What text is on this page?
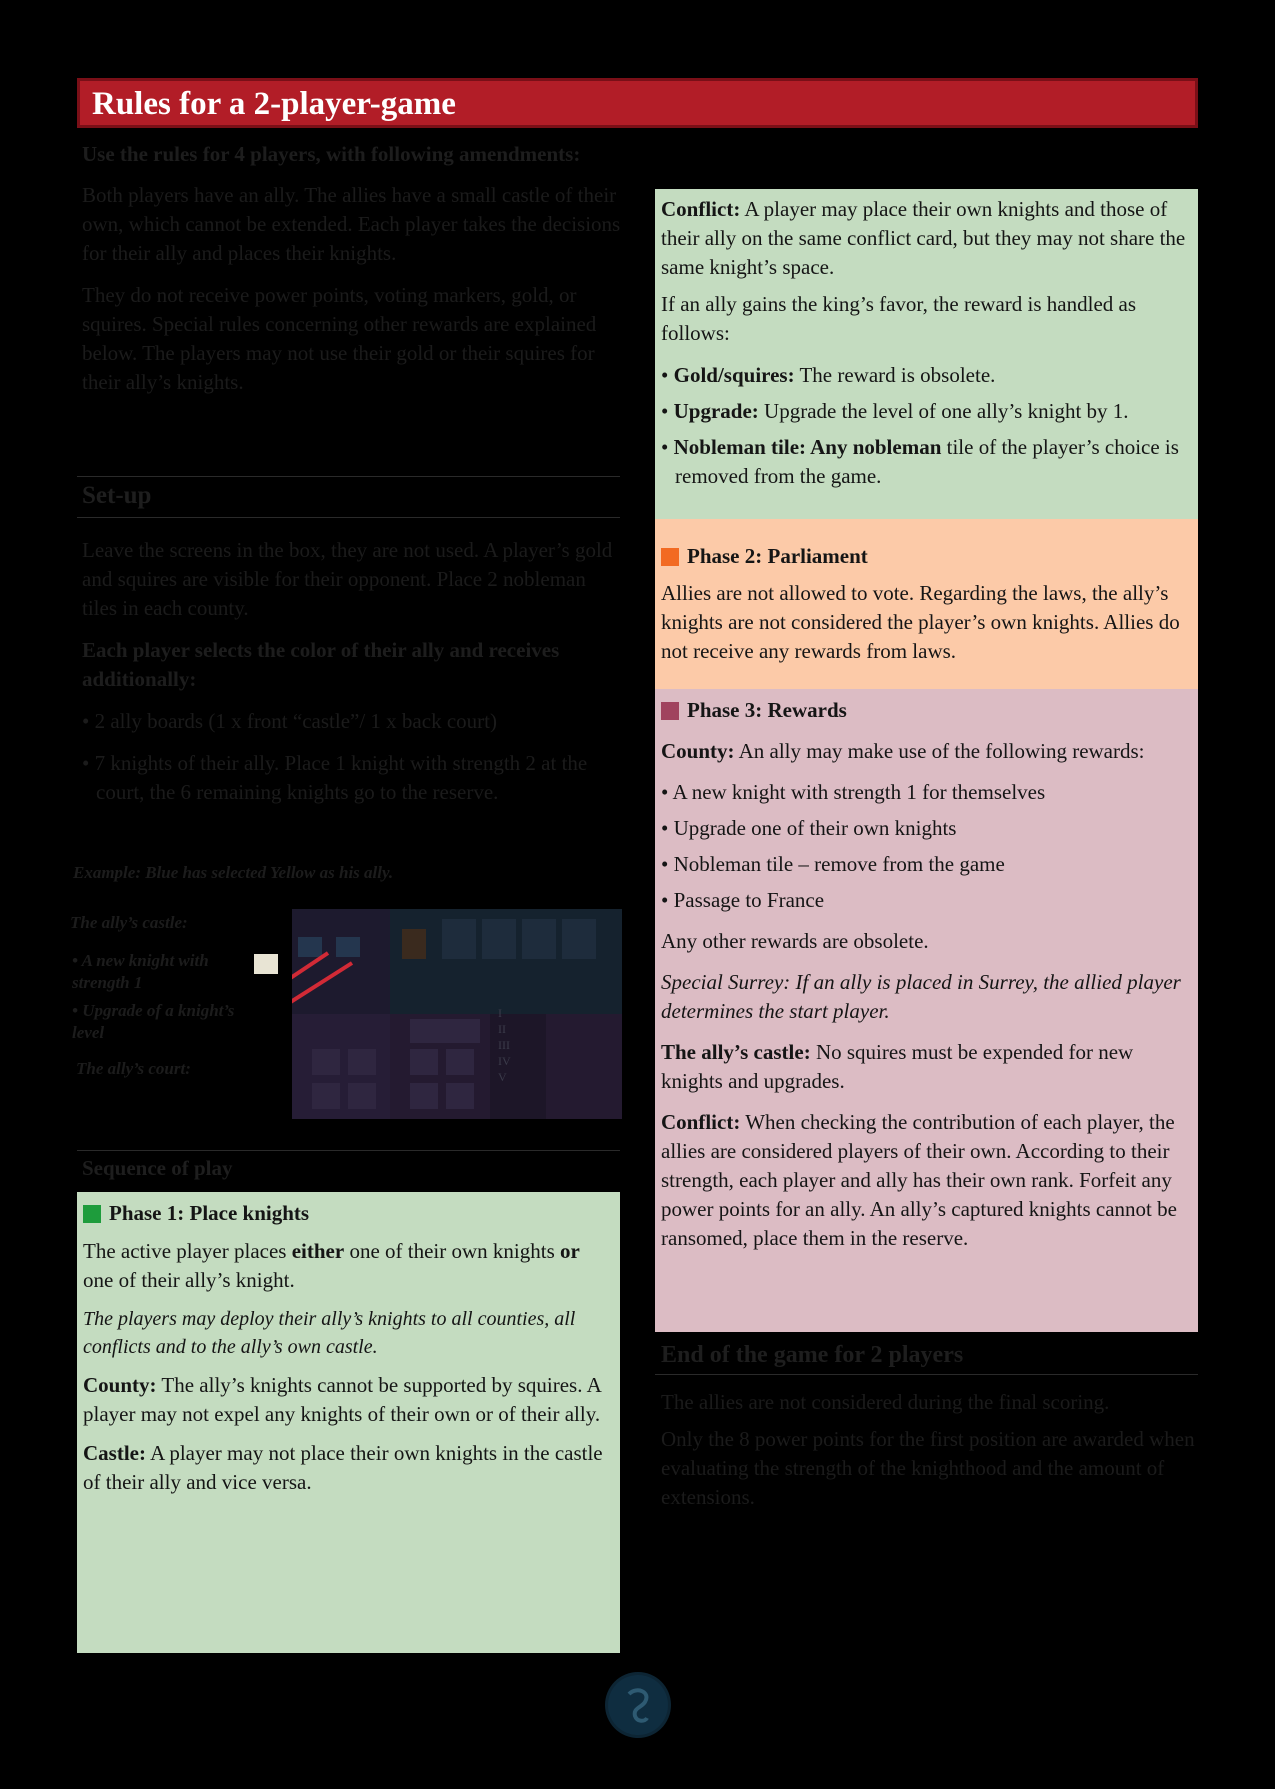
Rules for a 2-player-game

Use the rules for 4 players, with following amendments:

Both players have an ally. The allies have a small castle of their own, which cannot be extended. Each player takes the decisions for their ally and places their knights.

They do not receive power points, voting markers, gold, or squires. Special rules concerning other rewards are explained below. The players may not use their gold or their squires for their ally’s knights.

Set-up

Leave the screens in the box, they are not used. A player’s gold and squires are visible for their opponent. Place 2 nobleman tiles in each county.

Each player selects the color of their ally and receives additionally:

• 2 ally boards (1 x front “castle”/ 1 x back court)

• 7 knights of their ally. Place 1 knight with strength 2 at the court, the 6 remaining knights go to the reserve.

Example: Blue has selected Yellow as his ally.
The ally’s castle:
• A new knight with strength 1
• Upgrade of a knight’s level
The ally’s court:
I
II
III
IV
V
Sequence of play
Phase 1: Place knights

The active player places either one of their own knights or one of their ally’s knight.

The players may deploy their ally’s knights to all counties, all conflicts and to the ally’s own castle.

County: The ally’s knights cannot be supported by squires. A player may not expel any knights of their own or of their ally.

Castle: A player may not place their own knights in the castle of their ally and vice versa.

Conflict: A player may place their own knights and those of their ally on the same conflict card, but they may not share the same knight’s space.

If an ally gains the king’s favor, the reward is handled as follows:

• Gold/squires: The reward is obsolete.

• Upgrade: Upgrade the level of one ally’s knight by 1.

• Nobleman tile: Any nobleman tile of the player’s choice is removed from the game.

Phase 2: Parliament

Allies are not allowed to vote. Regarding the laws, the ally’s knights are not considered the player’s own knights. Allies do not receive any rewards from laws.

Phase 3: Rewards

County: An ally may make use of the following rewards:

• A new knight with strength 1 for themselves

• Upgrade one of their own knights

• Nobleman tile – remove from the game

• Passage to France

Any other rewards are obsolete.

Special Surrey: If an ally is placed in Surrey, the allied player determines the start player.

The ally’s castle: No squires must be expended for new knights and upgrades.

Conflict: When checking the contribution of each player, the allies are considered players of their own. According to their strength, each player and ally has their own rank. Forfeit any power points for an ally. An ally’s captured knights cannot be ransomed, place them in the reserve.

End of the game for 2 players

The allies are not considered during the final scoring.

Only the 8 power points for the first position are awarded when evaluating the strength of the knighthood and the amount of extensions.
